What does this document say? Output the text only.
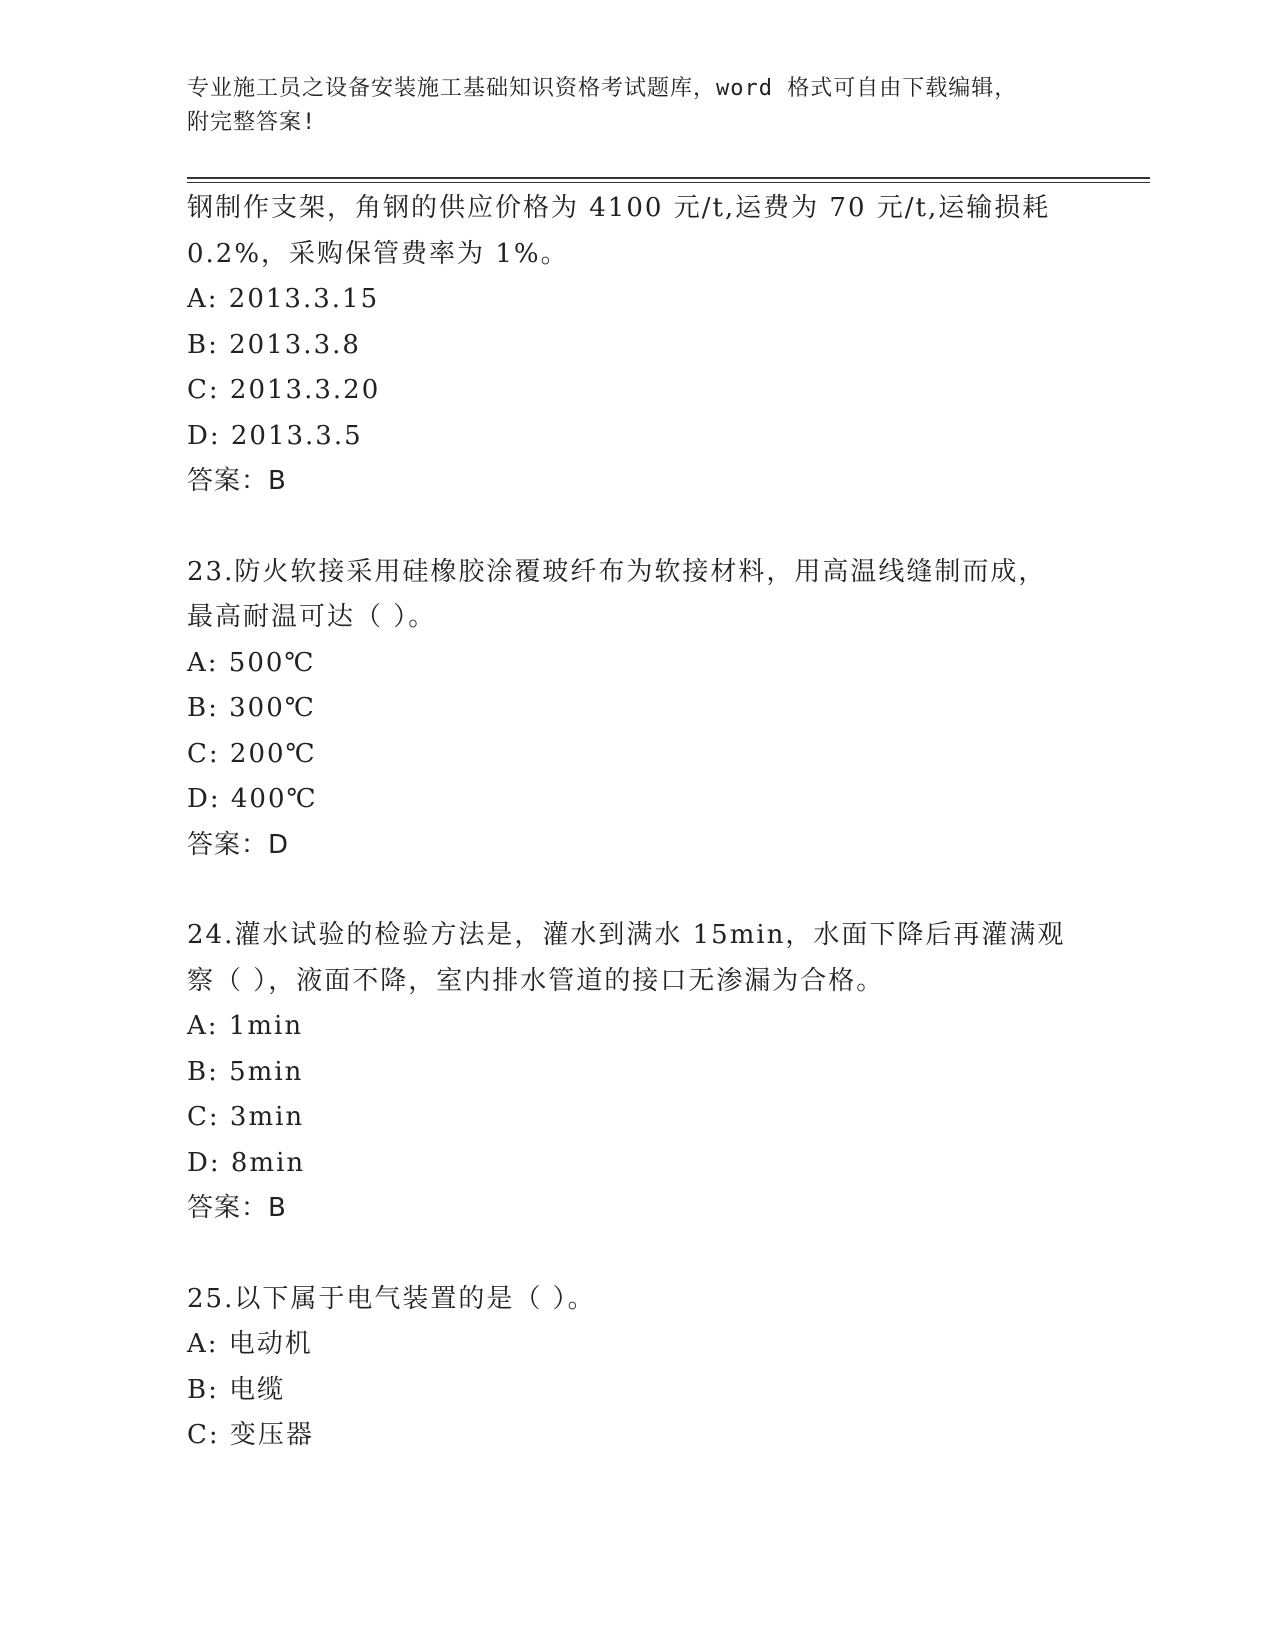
专业施工员之设备安装施工基础知识资格考试题库，word 格式可自由下载编辑，
附完整答案!
钢制作支架，角钢的供应价格为 4100 元/t,运费为 70 元/t,运输损耗
0.2%，采购保管费率为 1%。
A: 2013.3.15
B: 2013.3.8
C: 2013.3.20
D: 2013.3.5
答案：B
23.防火软接采用硅橡胶涂覆玻纤布为软接材料，用高温线缝制而成，
最高耐温可达（ ）。
A: 500℃
B: 300℃
C: 200℃
D: 400℃
答案：D
24.灌水试验的检验方法是，灌水到满水 15min，水面下降后再灌满观
察（ ），液面不降，室内排水管道的接口无渗漏为合格。
A: 1min
B: 5min
C: 3min
D: 8min
答案：B
25.以下属于电气装置的是（ ）。
A: 电动机
B: 电缆
C: 变压器
